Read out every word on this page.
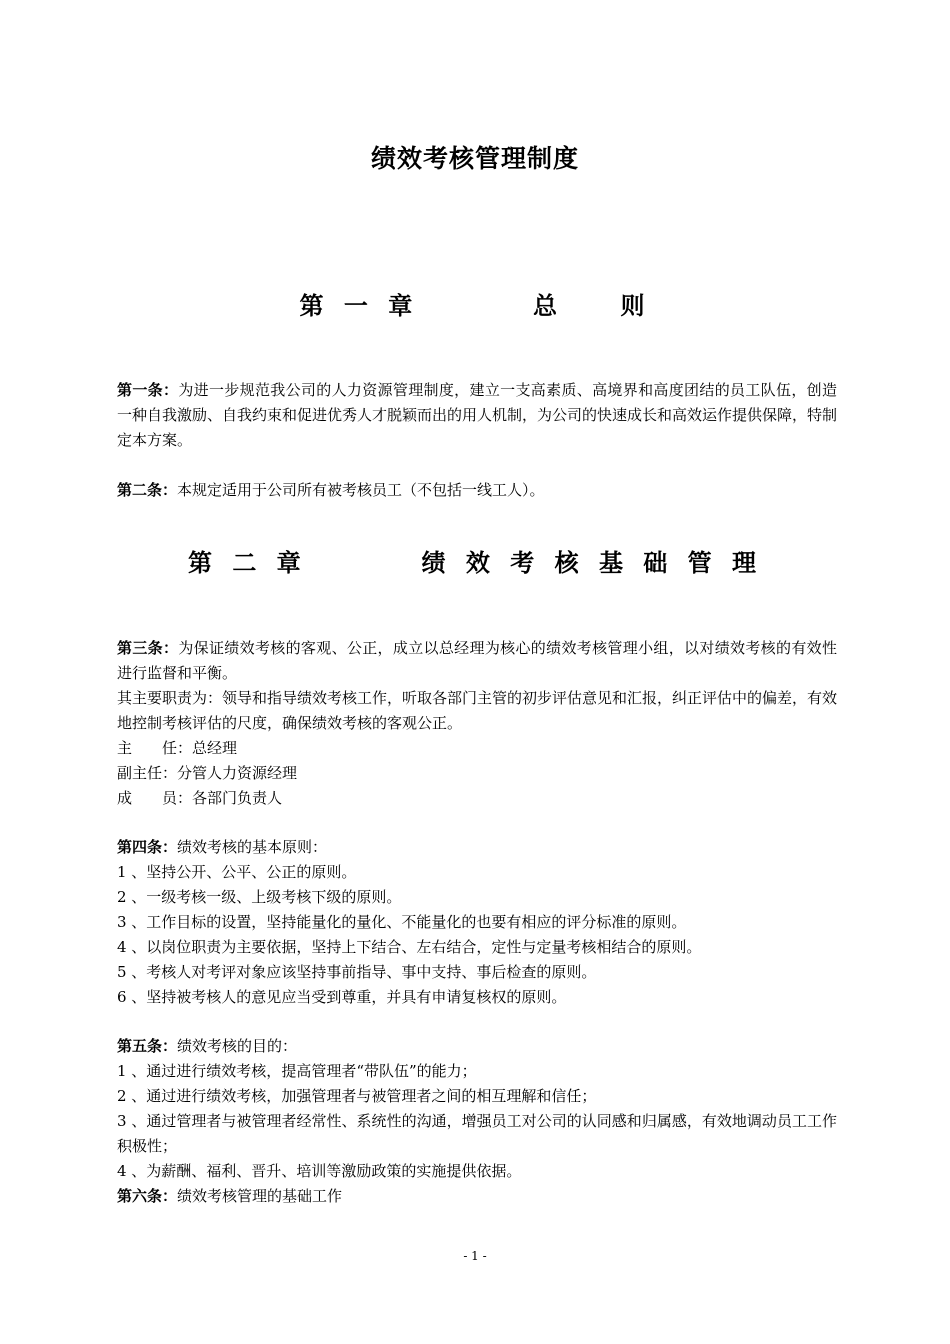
绩效考核管理制度
第 一 章        总    则

第一条：为进一步规范我公司的人力资源管理制度，建立一支高素质、高境界和高度团结的员工队伍，创造一种自我激励、自我约束和促进优秀人才脱颖而出的用人机制，为公司的快速成长和高效运作提供保障，特制定本方案。

第二条：本规定适用于公司所有被考核员工（不包括一线工人）。

第 二 章        绩 效 考 核 基 础 管 理

第三条：为保证绩效考核的客观、公正，成立以总经理为核心的绩效考核管理小组，以对绩效考核的有效性进行监督和平衡。

其主要职责为：领导和指导绩效考核工作，听取各部门主管的初步评估意见和汇报，纠正评估中的偏差，有效地控制考核评估的尺度，确保绩效考核的客观公正。

主　　任：总经理

副主任：分管人力资源经理

成　　员：各部门负责人

第四条：绩效考核的基本原则：

1 、坚持公开、公平、公正的原则。

2 、一级考核一级、上级考核下级的原则。

3 、工作目标的设置，坚持能量化的量化、不能量化的也要有相应的评分标准的原则。

4 、以岗位职责为主要依据，坚持上下结合、左右结合，定性与定量考核相结合的原则。

5 、考核人对考评对象应该坚持事前指导、事中支持、事后检查的原则。

6 、坚持被考核人的意见应当受到尊重，并具有申请复核权的原则。

第五条：绩效考核的目的：

1 、通过进行绩效考核，提高管理者“带队伍”的能力；

2 、通过进行绩效考核，加强管理者与被管理者之间的相互理解和信任；

3 、通过管理者与被管理者经常性、系统性的沟通，增强员工对公司的认同感和归属感，有效地调动员工工作积极性；

4 、为薪酬、福利、晋升、培训等激励政策的实施提供依据。

第六条：绩效考核管理的基础工作

- 1 -
